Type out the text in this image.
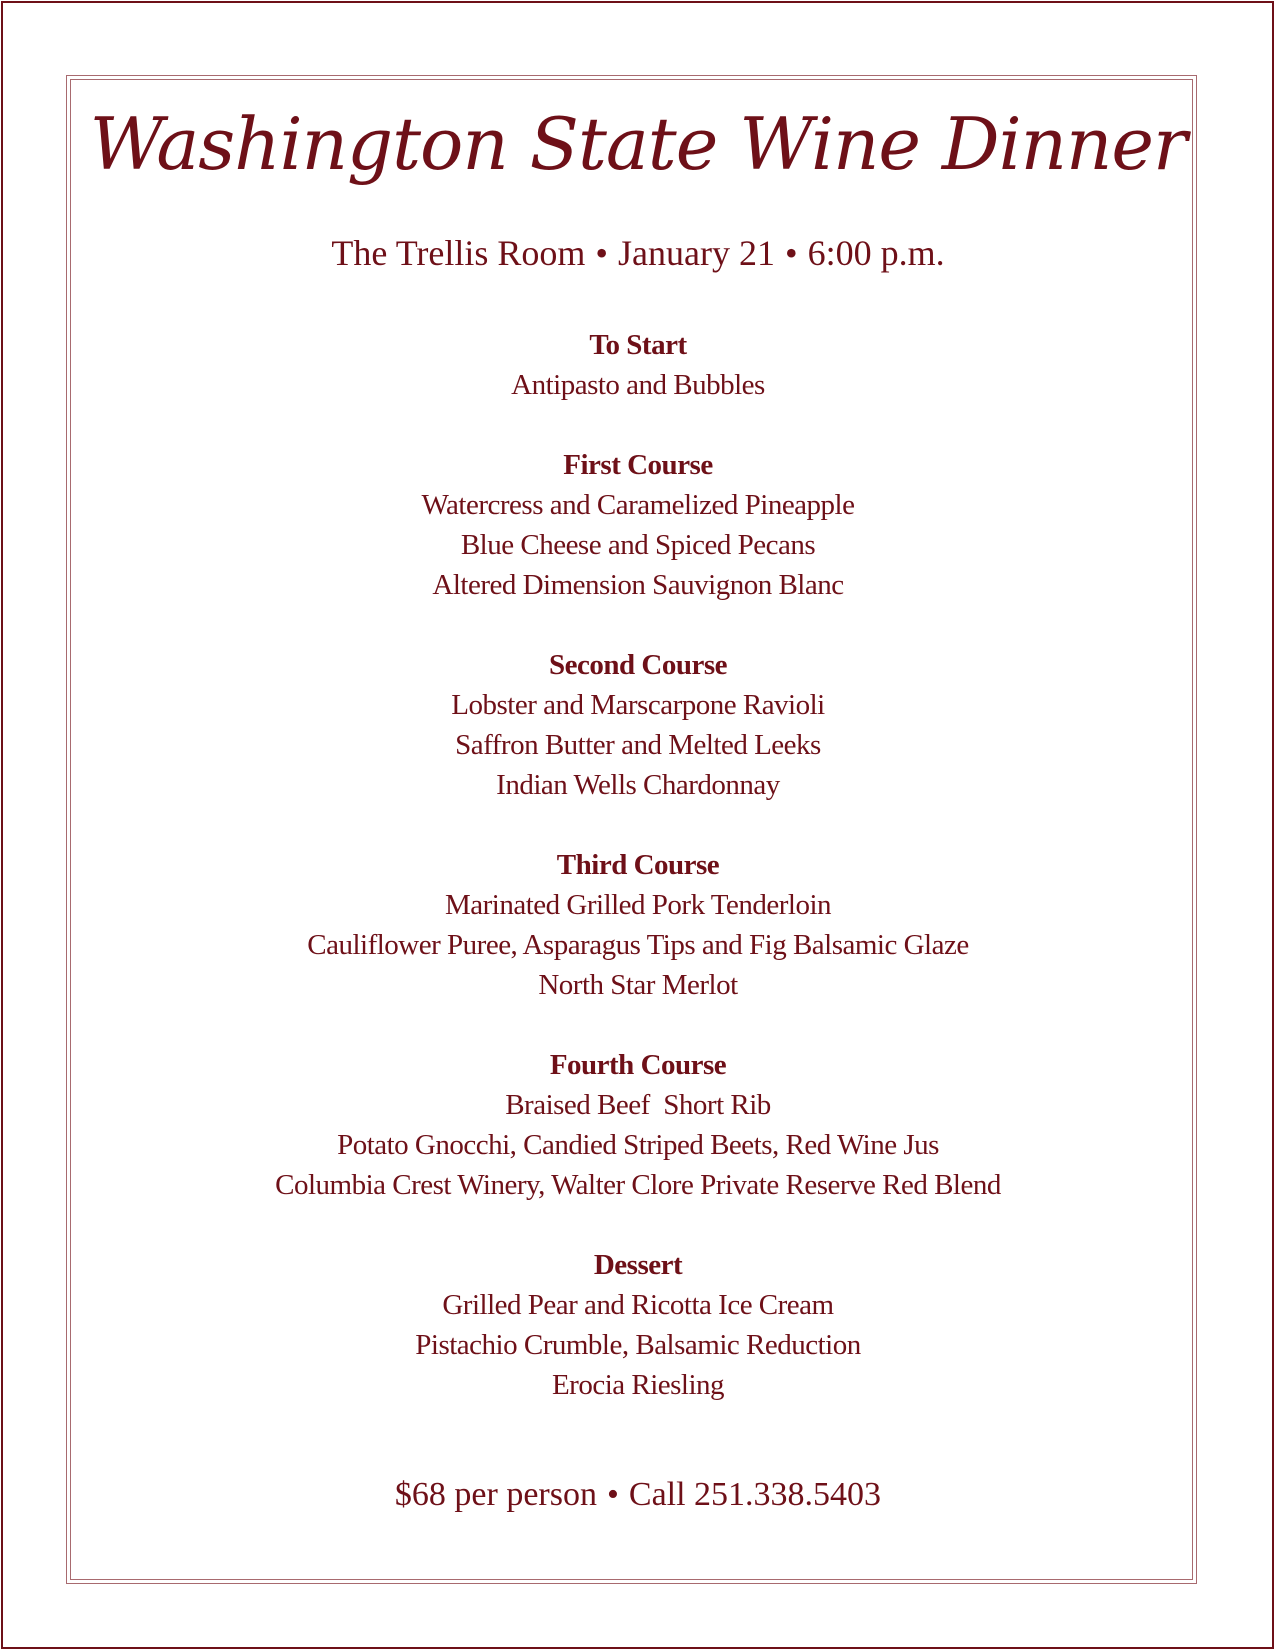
Washington State Wine Dinner
The Trellis Room • January 21 • 6:00 p.m.
To Start
Antipasto and Bubbles
First Course
Watercress and Caramelized Pineapple
Blue Cheese and Spiced Pecans
Altered Dimension Sauvignon Blanc
Second Course
Lobster and Marscarpone Ravioli
Saffron Butter and Melted Leeks
Indian Wells Chardonnay
Third Course
Marinated Grilled Pork Tenderloin
Cauliflower Puree, Asparagus Tips and Fig Balsamic Glaze
North Star Merlot
Fourth Course
Braised Beef  Short Rib
Potato Gnocchi, Candied Striped Beets, Red Wine Jus
Columbia Crest Winery, Walter Clore Private Reserve Red Blend
Dessert
Grilled Pear and Ricotta Ice Cream
Pistachio Crumble, Balsamic Reduction
Erocia Riesling
$68 per person • Call 251.338.5403
